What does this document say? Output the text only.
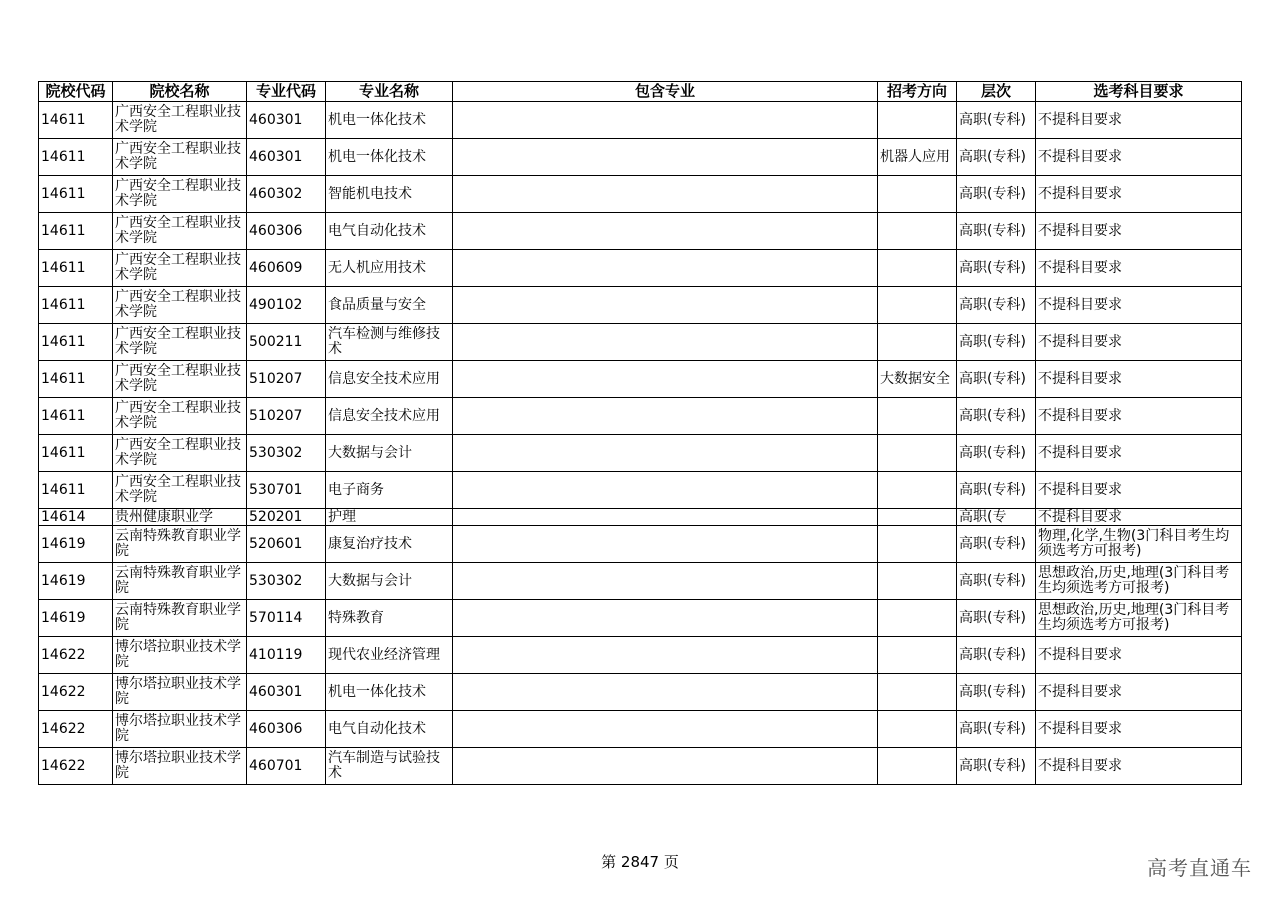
院校代码	院校名称	专业代码	专业名称	包含专业	招考方向	层次	选考科目要求
14611	广西安全工程职业技术学院	460301	机电一体化技术			高职(专科)	不提科目要求
14611	广西安全工程职业技术学院	460301	机电一体化技术		机器人应用	高职(专科)	不提科目要求
14611	广西安全工程职业技术学院	460302	智能机电技术			高职(专科)	不提科目要求
14611	广西安全工程职业技术学院	460306	电气自动化技术			高职(专科)	不提科目要求
14611	广西安全工程职业技术学院	460609	无人机应用技术			高职(专科)	不提科目要求
14611	广西安全工程职业技术学院	490102	食品质量与安全			高职(专科)	不提科目要求
14611	广西安全工程职业技术学院	500211	汽车检测与维修技术			高职(专科)	不提科目要求
14611	广西安全工程职业技术学院	510207	信息安全技术应用		大数据安全	高职(专科)	不提科目要求
14611	广西安全工程职业技术学院	510207	信息安全技术应用			高职(专科)	不提科目要求
14611	广西安全工程职业技术学院	530302	大数据与会计			高职(专科)	不提科目要求
14611	广西安全工程职业技术学院	530701	电子商务			高职(专科)	不提科目要求
14614	贵州健康职业学	520201	护理			高职(专	不提科目要求
14619	云南特殊教育职业学院	520601	康复治疗技术			高职(专科)	物理,化学,生物(3门科目考生均须选考方可报考)
14619	云南特殊教育职业学院	530302	大数据与会计			高职(专科)	思想政治,历史,地理(3门科目考生均须选考方可报考)
14619	云南特殊教育职业学院	570114	特殊教育			高职(专科)	思想政治,历史,地理(3门科目考生均须选考方可报考)
14622	博尔塔拉职业技术学院	410119	现代农业经济管理			高职(专科)	不提科目要求
14622	博尔塔拉职业技术学院	460301	机电一体化技术			高职(专科)	不提科目要求
14622	博尔塔拉职业技术学院	460306	电气自动化技术			高职(专科)	不提科目要求
14622	博尔塔拉职业技术学院	460701	汽车制造与试验技术			高职(专科)	不提科目要求
第 2847 页	高考直通车
